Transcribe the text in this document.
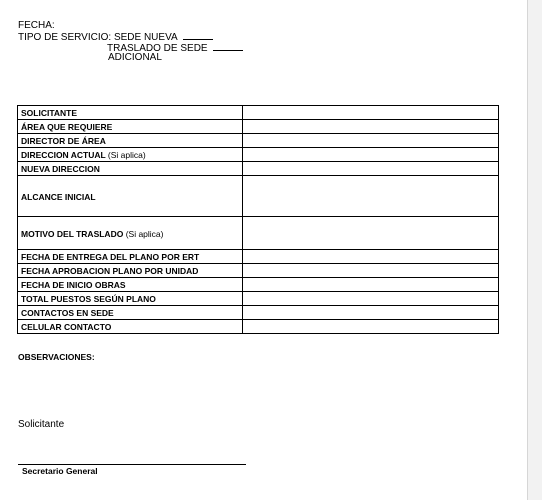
FECHA:
TIPO DE SERVICIO: SEDE NUEVA
TRASLADO DE SEDE
ADICIONAL
SOLICITANTE	
ÁREA QUE REQUIERE	
DIRECTOR DE ÁREA	
DIRECCION ACTUAL (Si aplica)	
NUEVA DIRECCION	
ALCANCE INICIAL	
MOTIVO DEL TRASLADO (Si aplica)	
FECHA DE ENTREGA DEL PLANO POR ERT	
FECHA APROBACION PLANO POR UNIDAD	
FECHA DE INICIO OBRAS	
TOTAL PUESTOS SEGÚN PLANO	
CONTACTOS EN SEDE	
CELULAR CONTACTO	
OBSERVACIONES:
Solicitante
Secretario General
